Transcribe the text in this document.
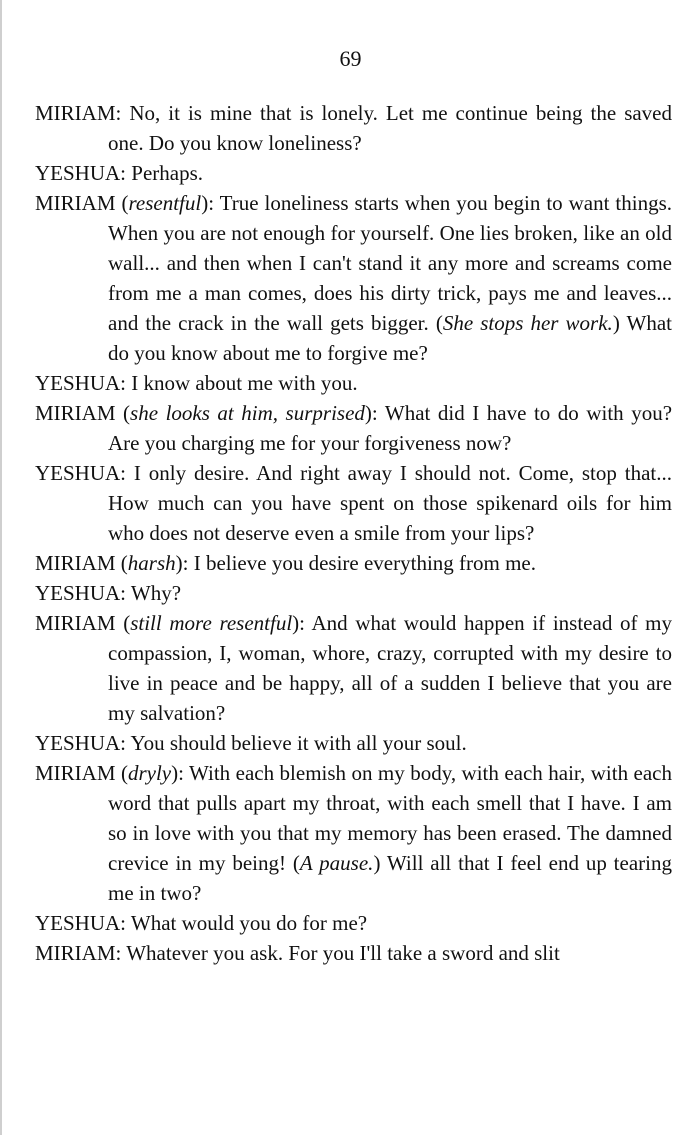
69
MIRIAM: No, it is mine that is lonely. Let me continue being the saved one. Do you know loneliness?
YESHUA: Perhaps.
MIRIAM (resentful): True loneliness starts when you begin to want things. When you are not enough for yourself. One lies broken, like an old wall... and then when I can't stand it any more and screams come from me a man comes, does his dirty trick, pays me and leaves... and the crack in the wall gets bigger. (She stops her work.) What do you know about me to forgive me?
YESHUA: I know about me with you.
MIRIAM (she looks at him, surprised): What did I have to do with you? Are you charging me for your forgiveness now?
YESHUA: I only desire. And right away I should not. Come, stop that... How much can you have spent on those spikenard oils for him who does not deserve even a smile from your lips?
MIRIAM (harsh): I believe you desire everything from me.
YESHUA: Why?
MIRIAM (still more resentful): And what would happen if instead of my compassion, I, woman, whore, crazy, corrupted with my desire to live in peace and be happy, all of a sudden I believe that you are my salvation?
YESHUA: You should believe it with all your soul.
MIRIAM (dryly): With each blemish on my body, with each hair, with each word that pulls apart my throat, with each smell that I have. I am so in love with you that my memory has been erased. The damned crevice in my being! (A pause.) Will all that I feel end up tearing me in two?
YESHUA: What would you do for me?
MIRIAM: Whatever you ask. For you I'll take a sword and slit
